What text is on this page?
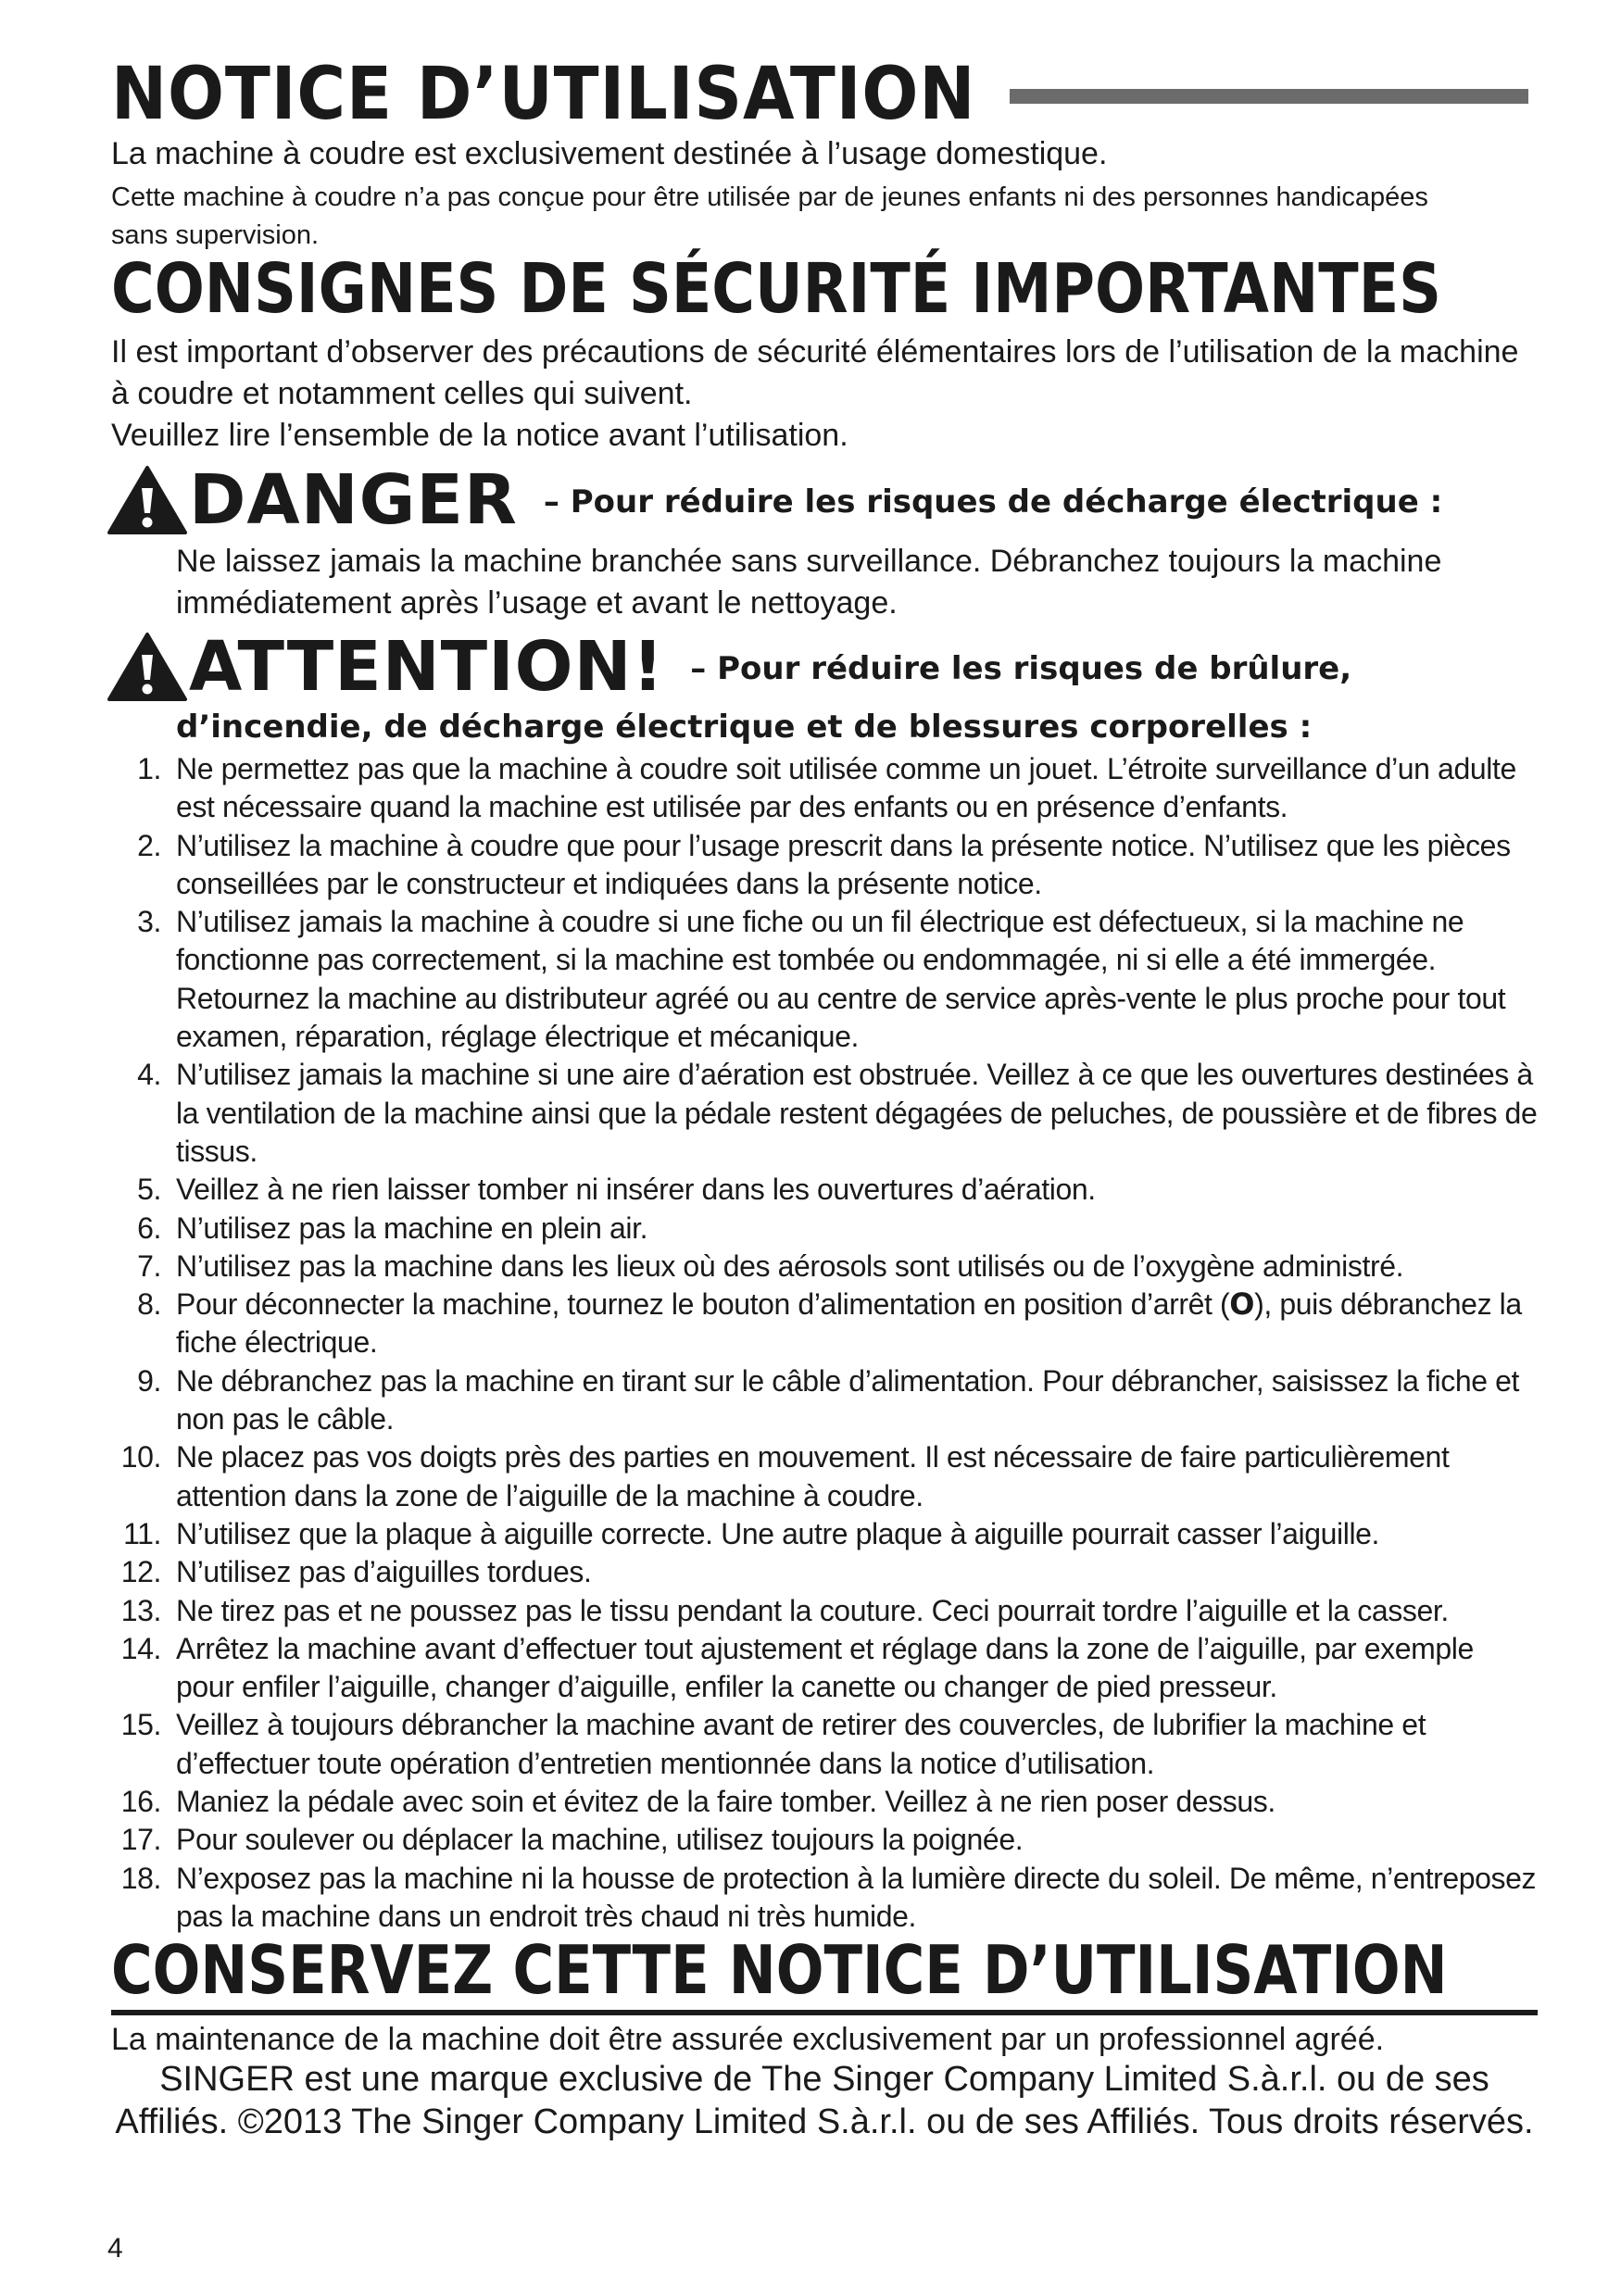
NOTICE D’UTILISATION
La machine à coudre est exclusivement destinée à l’usage domestique.
Cette machine à coudre n’a pas conçue pour être utilisée par de jeunes enfants ni des personnes handicapées sans supervision.
CONSIGNES DE SÉCURITÉ IMPORTANTES

Il est important d’observer des précautions de sécurité élémentaires lors de l’utilisation de la machine à coudre et notamment celles qui suivent.

Veuillez lire l’ensemble de la notice avant l’utilisation.

DANGER – Pour réduire les risques de décharge électrique :
Ne laissez jamais la machine branchée sans surveillance. Débranchez toujours la machine immédiatement après l’usage et avant le nettoyage.
ATTENTION! – Pour réduire les risques de brûlure,
d’incendie, de décharge électrique et de blessures corporelles :
1. Ne permettez pas que la machine à coudre soit utilisée comme un jouet. L’étroite surveillance d’un adulte est nécessaire quand la machine est utilisée par des enfants ou en présence d’enfants.
2. N’utilisez la machine à coudre que pour l’usage prescrit dans la présente notice. N’utilisez que les pièces conseillées par le constructeur et indiquées dans la présente notice.
3. N’utilisez jamais la machine à coudre si une fiche ou un fil électrique est défectueux, si la machine ne fonctionne pas correctement, si la machine est tombée ou endommagée, ni si elle a été immergée. Retournez la machine au distributeur agréé ou au centre de service après-vente le plus proche pour tout examen, réparation, réglage électrique et mécanique.
4. N’utilisez jamais la machine si une aire d’aération est obstruée. Veillez à ce que les ouvertures destinées à la ventilation de la machine ainsi que la pédale restent dégagées de peluches, de poussière et de fibres de tissus.
5. Veillez à ne rien laisser tomber ni insérer dans les ouvertures d’aération.
6. N’utilisez pas la machine en plein air.
7. N’utilisez pas la machine dans les lieux où des aérosols sont utilisés ou de l’oxygène administré.
8. Pour déconnecter la machine, tournez le bouton d’alimentation en position d’arrêt (O), puis débranchez la fiche électrique.
9. Ne débranchez pas la machine en tirant sur le câble d’alimentation. Pour débrancher, saisissez la fiche et non pas le câble.
10. Ne placez pas vos doigts près des parties en mouvement. Il est nécessaire de faire particulièrement attention dans la zone de l’aiguille de la machine à coudre.
11. N’utilisez que la plaque à aiguille correcte. Une autre plaque à aiguille pourrait casser l’aiguille.
12. N’utilisez pas d’aiguilles tordues.
13. Ne tirez pas et ne poussez pas le tissu pendant la couture. Ceci pourrait tordre l’aiguille et la casser.
14. Arrêtez la machine avant d’effectuer tout ajustement et réglage dans la zone de l’aiguille, par exemple pour enfiler l’aiguille, changer d’aiguille, enfiler la canette ou changer de pied presseur.
15. Veillez à toujours débrancher la machine avant de retirer des couvercles, de lubrifier la machine et d’effectuer toute opération d’entretien mentionnée dans la notice d’utilisation.
16. Maniez la pédale avec soin et évitez de la faire tomber. Veillez à ne rien poser dessus.
17. Pour soulever ou déplacer la machine, utilisez toujours la poignée.
18. N’exposez pas la machine ni la housse de protection à la lumière directe du soleil. De même, n’entreposez pas la machine dans un endroit très chaud ni très humide.
CONSERVEZ CETTE NOTICE D’UTILISATION
La maintenance de la machine doit être assurée exclusivement par un professionnel agréé.
SINGER est une marque exclusive de The Singer Company Limited S.à.r.l. ou de ses Affiliés. ©2013 The Singer Company Limited S.à.r.l. ou de ses Affiliés. Tous droits réservés.
4
